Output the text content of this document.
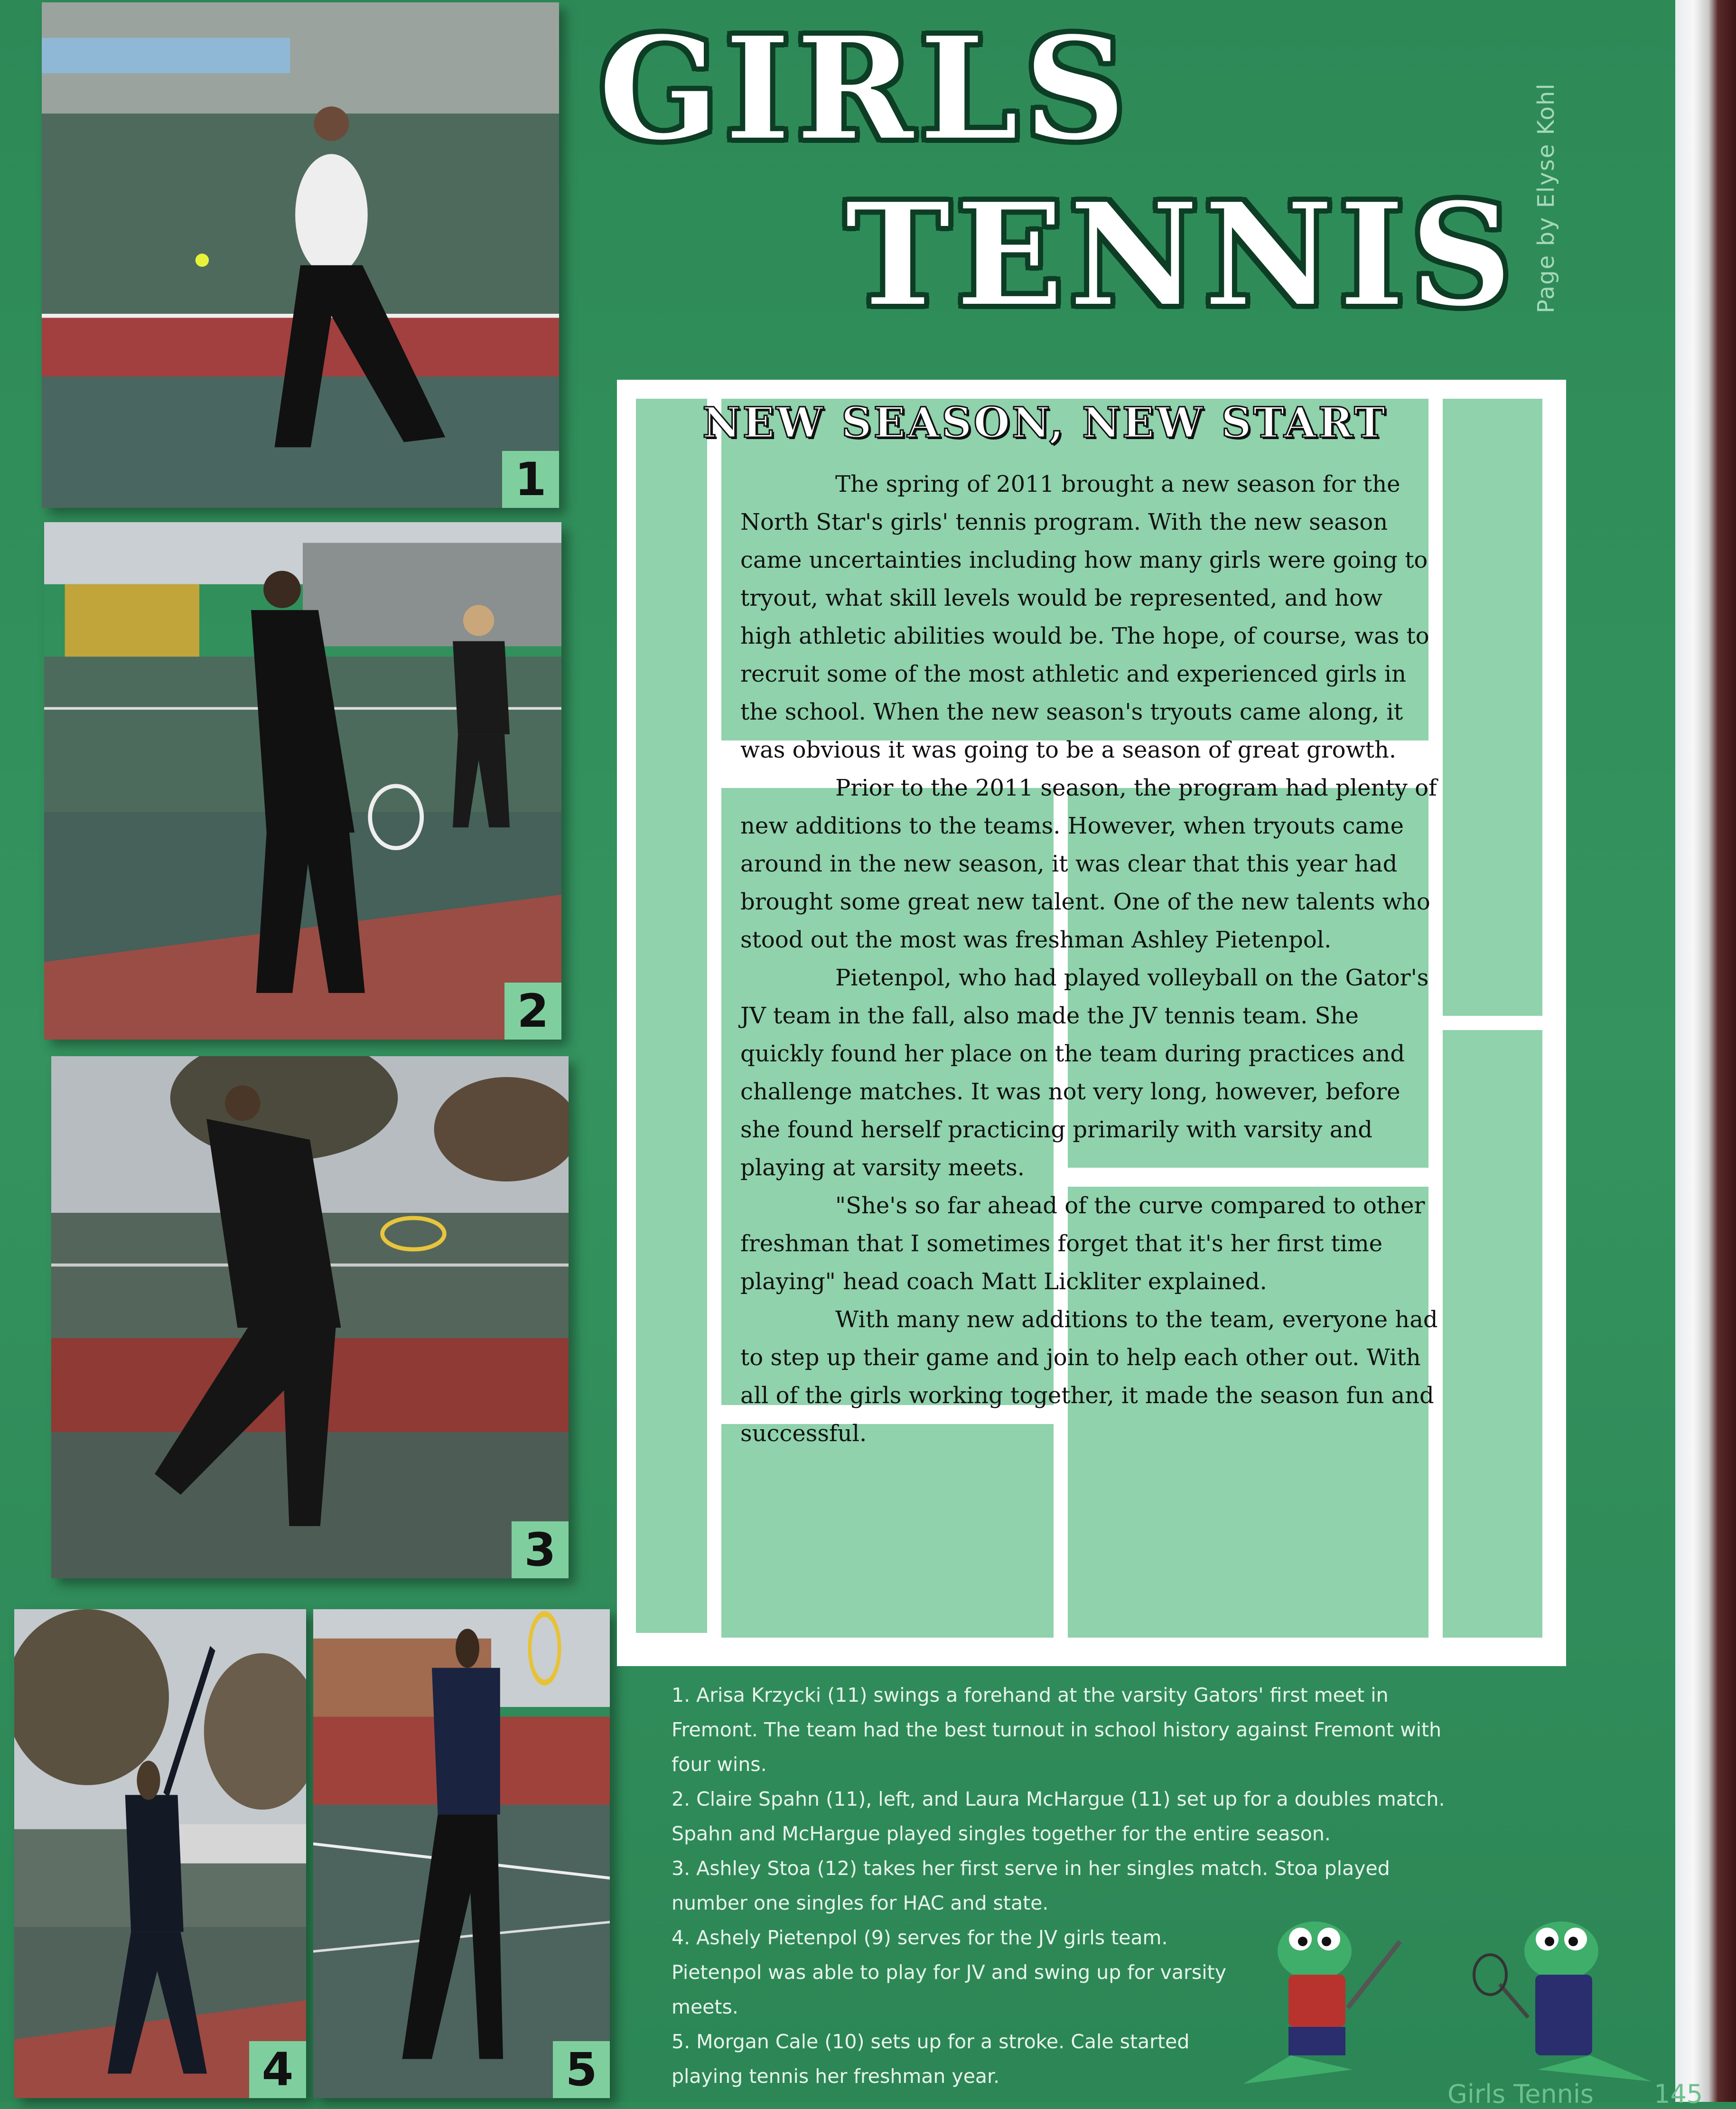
1
2
3
4	5
GIRLS
TENNIS Page by Elyse Kohl
NEW SEASON, NEW START

The spring of 2011 brought a new season for the North Star's girls' tennis program. With the new season came uncertainties including how many girls were going to tryout, what skill levels would be represented, and how high athletic abilities would be. The hope, of course, was to recruit some of the most athletic and experienced girls in the school. When the new season's tryouts came along, it was obvious it was going to be a season of great growth.

Prior to the 2011 season, the program had plenty of new additions to the teams. However, when tryouts came around in the new season, it was clear that this year had brought some great new talent. One of the new talents who stood out the most was freshman Ashley Pietenpol.

Pietenpol, who had played volleyball on the Gator's JV team in the fall, also made the JV tennis team. She quickly found her place on the team during practices and challenge matches. It was not very long, however, before she found herself practicing primarily with varsity and playing at varsity meets.

"She's so far ahead of the curve compared to other freshman that I sometimes forget that it's her first time playing" head coach Matt Lickliter explained.

With many new additions to the team, everyone had to step up their game and join to help each other out. With all of the girls working together, it made the season fun and successful.

1. Arisa Krzycki (11) swings a forehand at the varsity Gators' first meet in Fremont. The team had the best turnout in school history against Fremont with four wins.
2. Claire Spahn (11), left, and Laura McHargue (11) set up for a doubles match. Spahn and McHargue played singles together for the entire season.
3. Ashley Stoa (12) takes her first serve in her singles match. Stoa played number one singles for HAC and state.
4. Ashely Pietenpol (9) serves for the JV girls team. Pietenpol was able to play for JV and swing up for varsity meets.
5. Morgan Cale (10) sets up for a stroke. Cale started playing tennis her freshman year.
Girls Tennis 145
